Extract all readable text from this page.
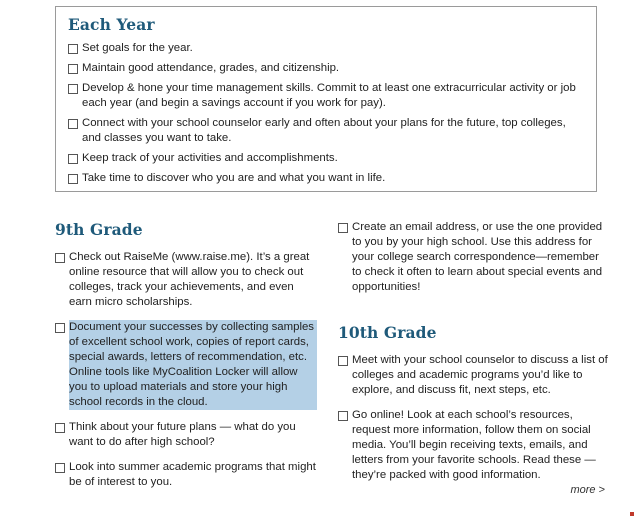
Each Year
Set goals for the year.
Maintain good attendance, grades, and citizenship.
Develop & hone your time management skills. Commit to at least one extracurricular activity or job each year (and begin a savings account if you work for pay).
Connect with your school counselor early and often about your plans for the future, top colleges, and classes you want to take.
Keep track of your activities and accomplishments.
Take time to discover who you are and what you want in life.
9th Grade
Check out RaiseMe (www.raise.me). It’s a great online resource that will allow you to check out colleges, track your achievements, and even earn micro scholarships.
Document your successes by collecting samples of excellent school work, copies of report cards, special awards, letters of recommendation, etc. Online tools like MyCoalition Locker will allow you to upload materials and store your high school records in the cloud.
Think about your future plans — what do you want to do after high school?
Look into summer academic programs that might be of interest to you.
Create an email address, or use the one provided to you by your high school. Use this address for your college search correspondence—remember to check it often to learn about special events and opportunities!
10th Grade
Meet with your school counselor to discuss a list of colleges and academic programs you’d like to explore, and discuss fit, next steps, etc.
Go online! Look at each school’s resources, request more information, follow them on social media. You’ll begin receiving texts, emails, and letters from your favorite schools. Read these — they’re packed with good information.
more >
